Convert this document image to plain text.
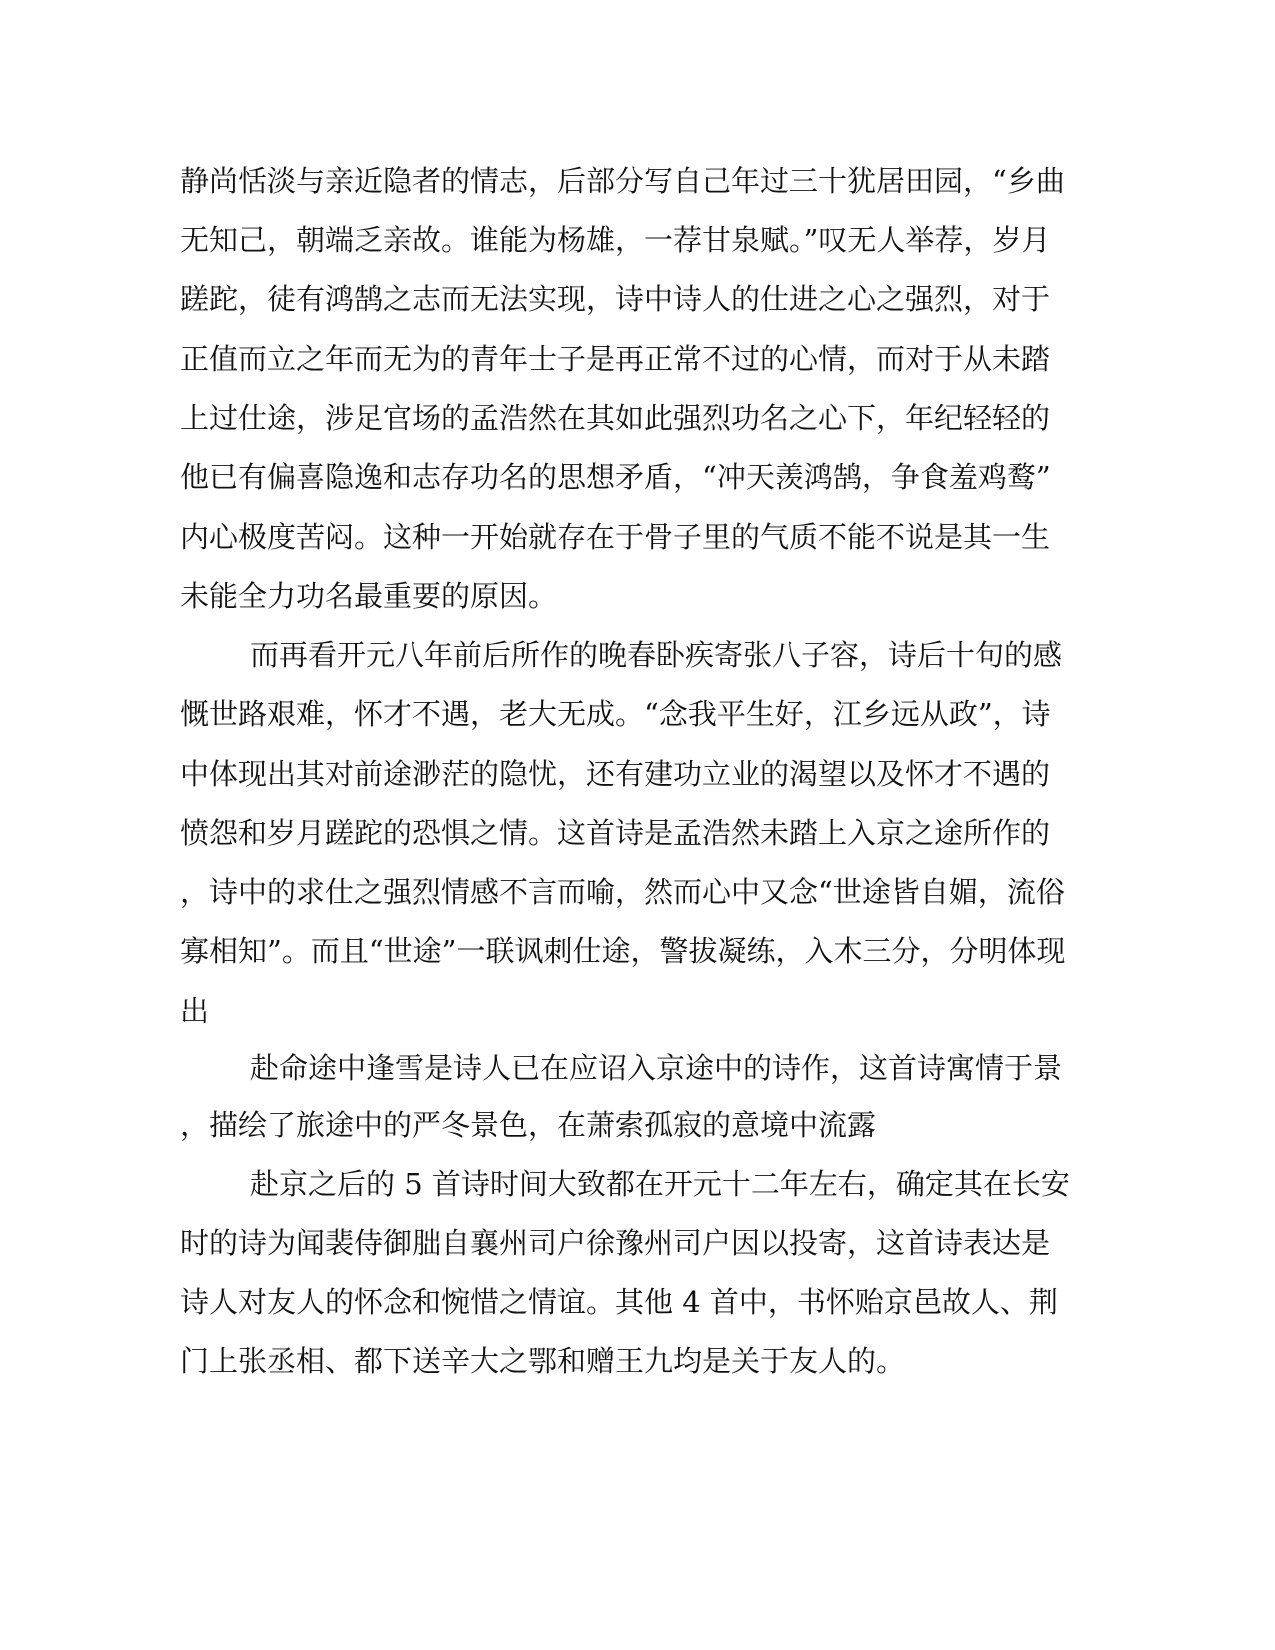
静尚恬淡与亲近隐者的情志，后部分写自己年过三十犹居田园，“乡曲
无知己，朝端乏亲故。谁能为杨雄，一荐甘泉赋。”叹无人举荐，岁月
蹉跎，徒有鸿鹄之志而无法实现，诗中诗人的仕进之心之强烈，对于
正值而立之年而无为的青年士子是再正常不过的心情，而对于从未踏
上过仕途，涉足官场的孟浩然在其如此强烈功名之心下，年纪轻轻的
他已有偏喜隐逸和志存功名的思想矛盾，“冲天羡鸿鹄，争食羞鸡鹜”
内心极度苦闷。这种一开始就存在于骨子里的气质不能不说是其一生
未能全力功名最重要的原因。
而再看开元八年前后所作的晚春卧疾寄张八子容，诗后十句的感
慨世路艰难，怀才不遇，老大无成。“念我平生好，江乡远从政”，诗
中体现出其对前途渺茫的隐忧，还有建功立业的渴望以及怀才不遇的
愤怨和岁月蹉跎的恐惧之情。这首诗是孟浩然未踏上入京之途所作的
，诗中的求仕之强烈情感不言而喻，然而心中又念“世途皆自媚，流俗
寡相知”。而且“世途”一联讽刺仕途，警拔凝练，入木三分，分明体现
出
赴命途中逢雪是诗人已在应诏入京途中的诗作，这首诗寓情于景
，描绘了旅途中的严冬景色，在萧索孤寂的意境中流露
赴京之后的 5 首诗时间大致都在开元十二年左右，确定其在长安
时的诗为闻裴侍御朏自襄州司户徐豫州司户因以投寄，这首诗表达是
诗人对友人的怀念和惋惜之情谊。其他 4 首中，书怀贻京邑故人、荆
门上张丞相、都下送辛大之鄂和赠王九均是关于友人的。
